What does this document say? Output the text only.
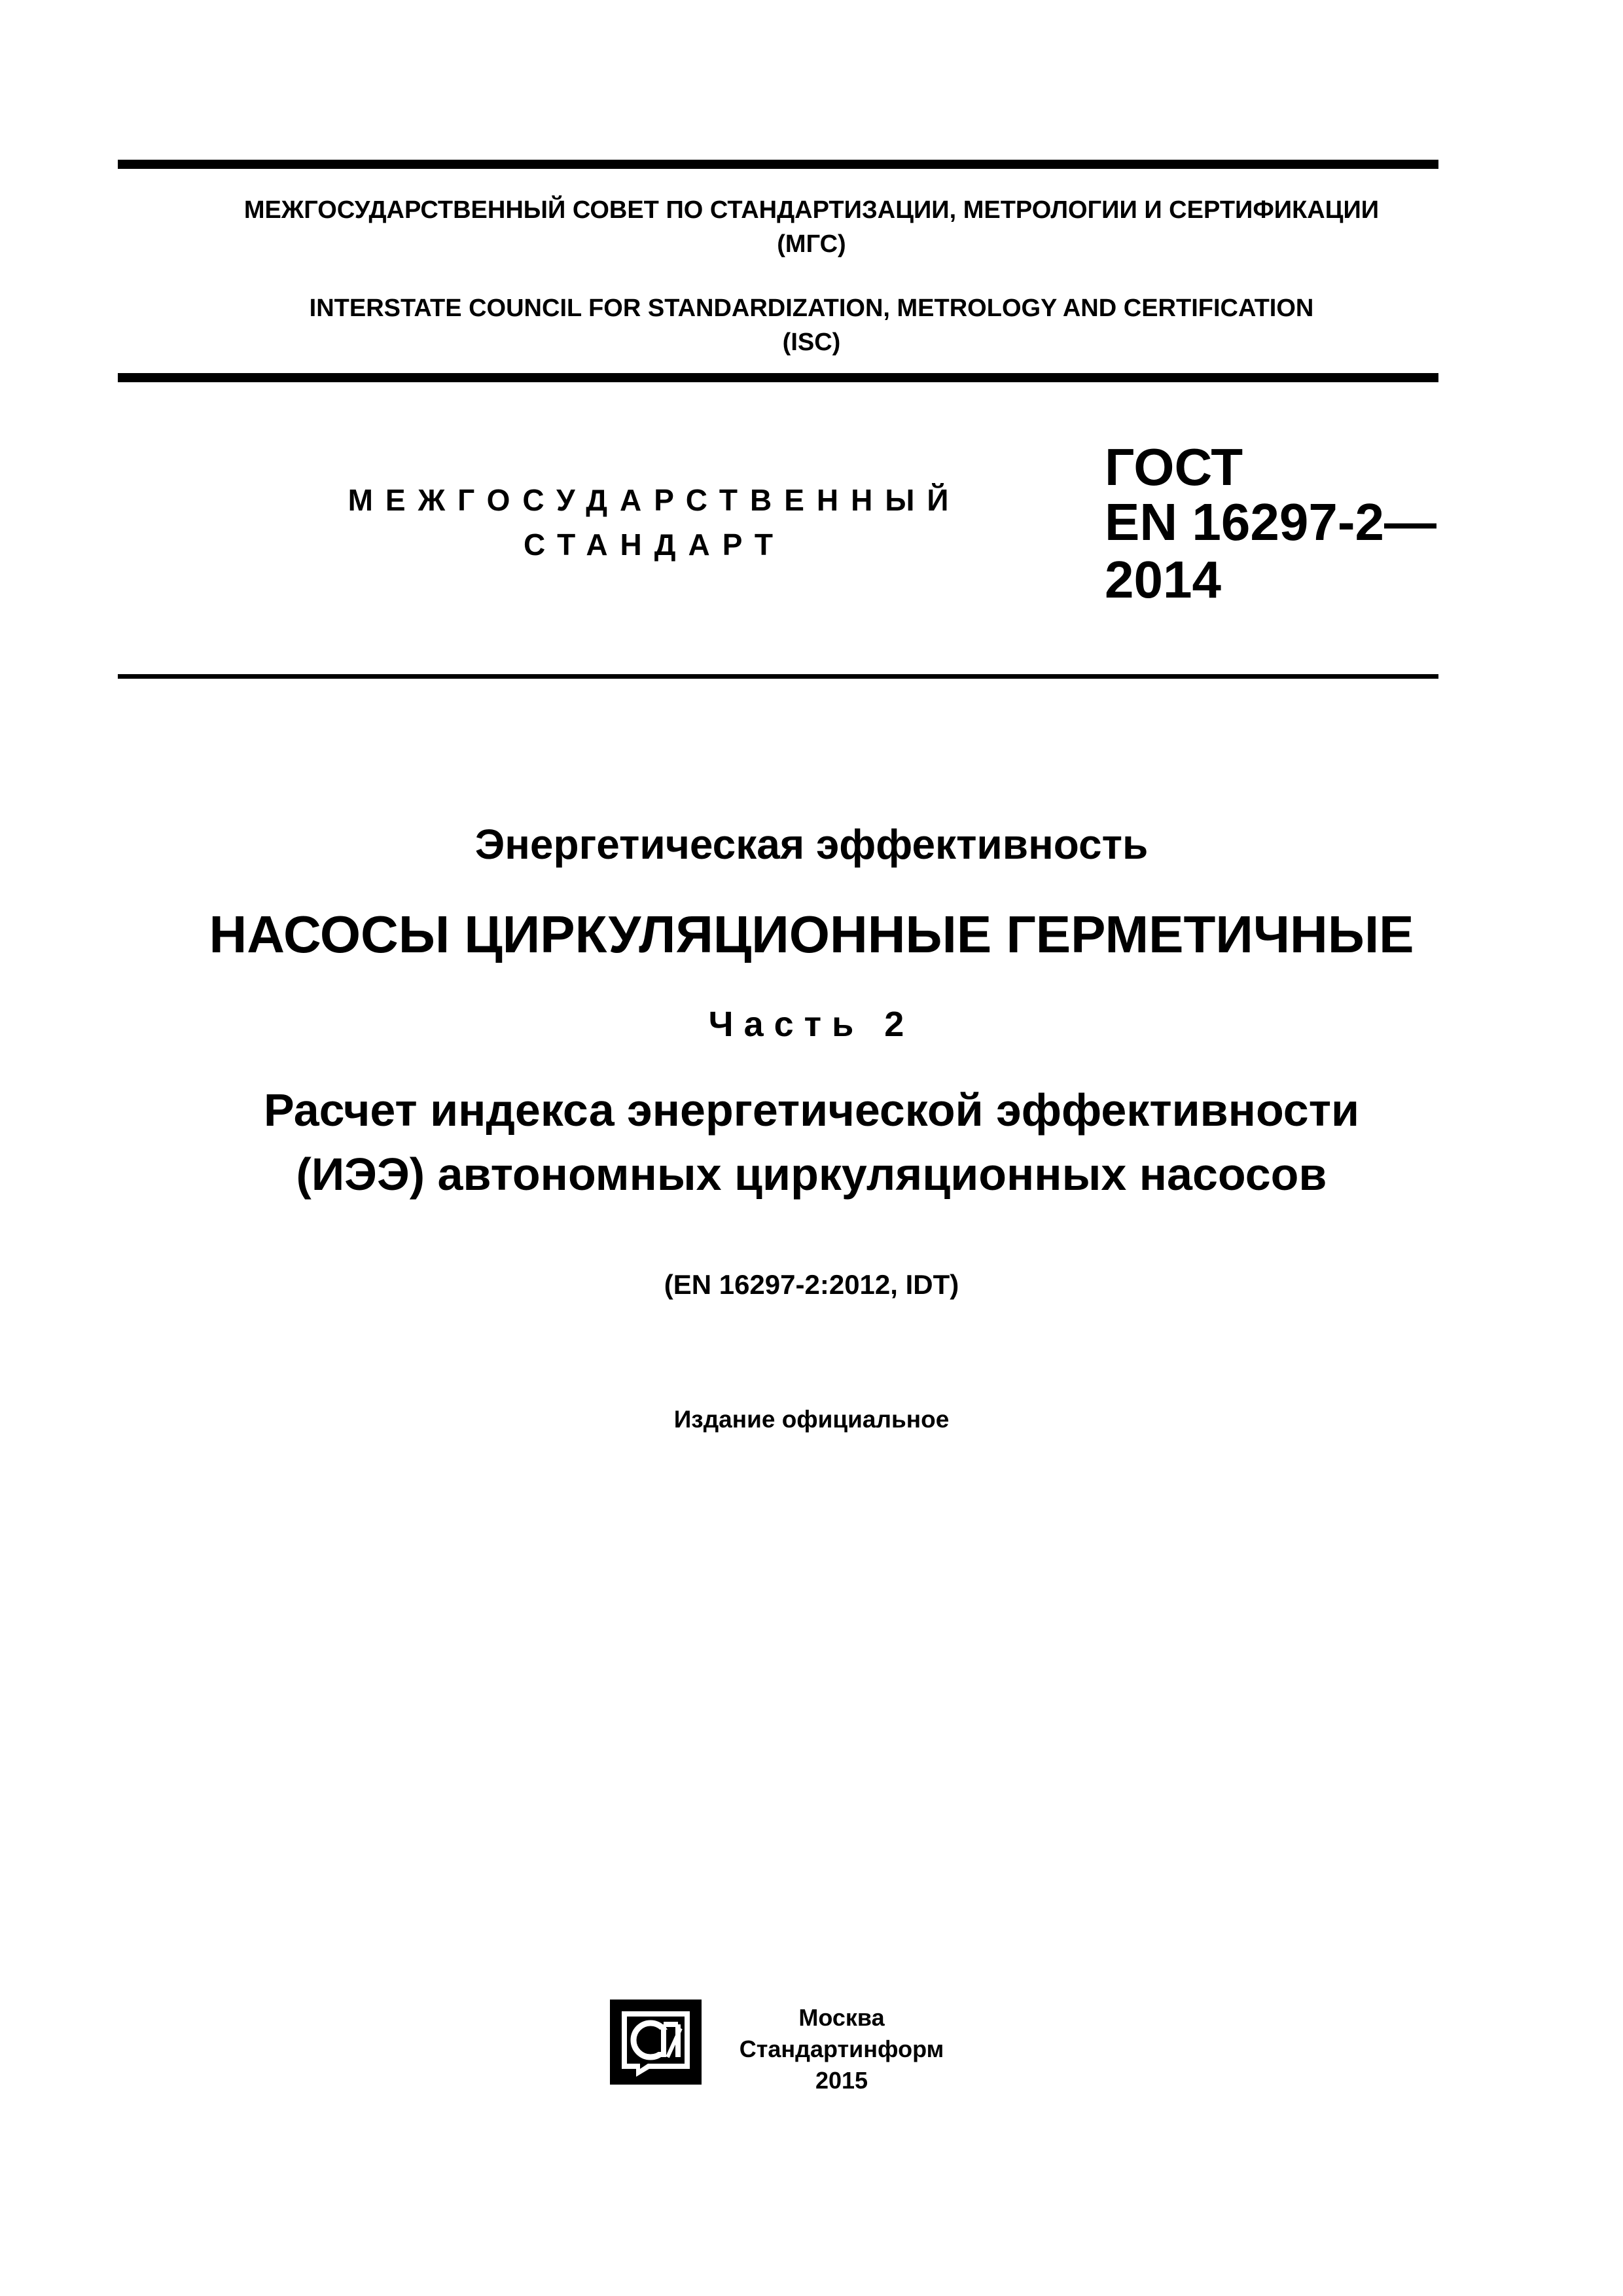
МЕЖГОСУДАРСТВЕННЫЙ СОВЕТ ПО СТАНДАРТИЗАЦИИ, МЕТРОЛОГИИ И СЕРТИФИКАЦИИ
(МГС)
INTERSTATE COUNCIL FOR STANDARDIZATION, METROLOGY AND CERTIFICATION
(ISC)
МЕЖГОСУДАРСТВЕННЫЙ
СТАНДАРТ
ГОСТ
EN 16297-2—
2014
Энергетическая эффективность
НАСОСЫ ЦИРКУЛЯЦИОННЫЕ ГЕРМЕТИЧНЫЕ
Часть 2
Расчет индекса энергетической эффективности
(ИЭЭ) автономных циркуляционных насосов
(EN 16297-2:2012, IDT)
Издание официальное
Москва
Стандартинформ
2015
